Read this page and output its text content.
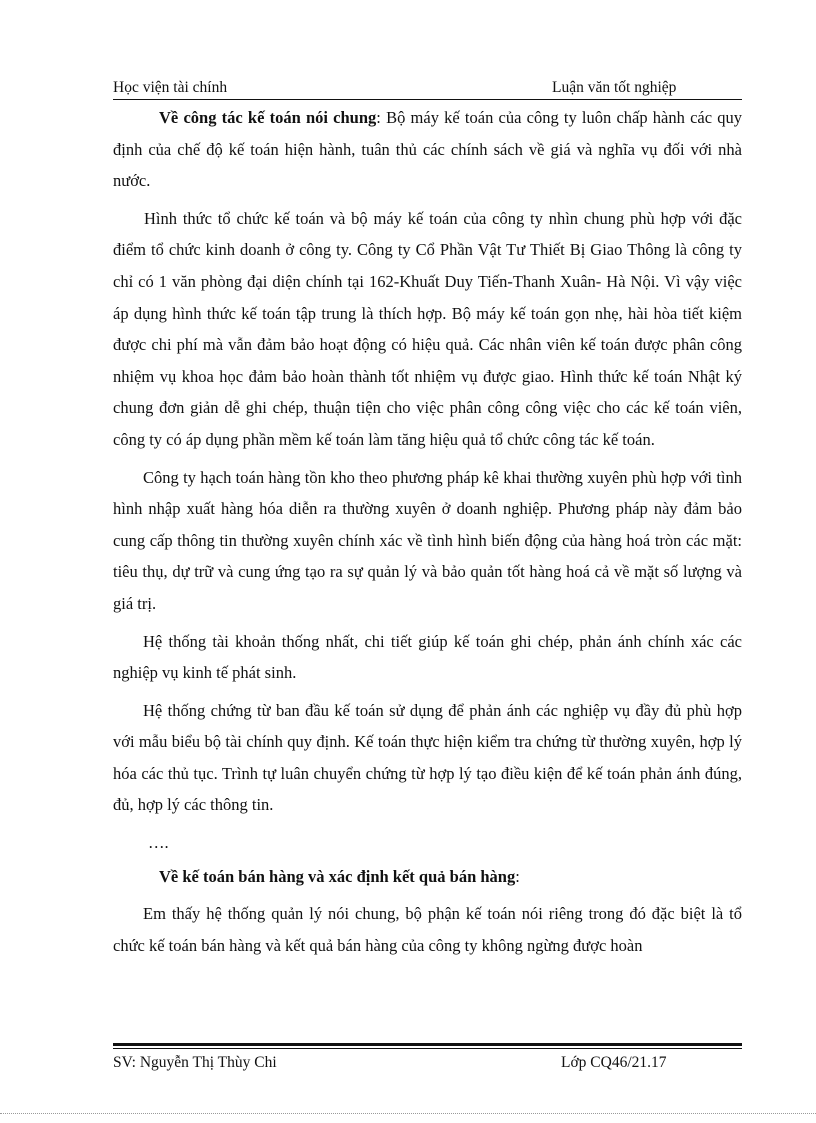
Học viện tài chính	Luận văn tốt nghiệp

Về công tác kế toán nói chung: Bộ máy kế toán của công ty luôn chấp hành các quy định của chế độ kế toán hiện hành, tuân thủ các chính sách về giá và nghĩa vụ đối với nhà nước.

Hình thức tổ chức kế toán và bộ máy kế toán của công ty nhìn chung phù hợp với đặc điểm tổ chức kinh doanh ở công ty. Công ty Cổ Phần Vật Tư Thiết Bị Giao Thông là công ty chỉ có 1 văn phòng đại diện chính tại 162-Khuất Duy Tiến-Thanh Xuân- Hà Nội. Vì vậy việc áp dụng hình thức kế toán tập trung là thích hợp. Bộ máy kế toán gọn nhẹ, hài hòa tiết kiệm được chi phí mà vẫn đảm bảo hoạt động có hiệu quả. Các nhân viên kế toán được phân công nhiệm vụ khoa học đảm bảo hoàn thành tốt nhiệm vụ được giao. Hình thức kế toán Nhật ký chung đơn giản dễ ghi chép, thuận tiện cho việc phân công công việc cho các kế toán viên, công ty có áp dụng phần mềm kế toán làm tăng hiệu quả tổ chức công tác kế toán.

Công ty hạch toán hàng tồn kho theo phương pháp kê khai thường xuyên phù hợp với tình hình nhập xuất hàng hóa diễn ra thường xuyên ở doanh nghiệp. Phương pháp này đảm bảo cung cấp thông tin thường xuyên chính xác về tình hình biến động của hàng hoá tròn các mặt: tiêu thụ, dự trữ và cung ứng tạo ra sự quản lý và bảo quản tốt hàng hoá cả về mặt số lượng và giá trị.

Hệ thống tài khoản thống nhất, chi tiết giúp kế toán ghi chép, phản ánh chính xác các nghiệp vụ kinh tế phát sinh.

Hệ thống chứng từ ban đầu kế toán sử dụng để phản ánh các nghiệp vụ đầy đủ phù hợp với mẫu biểu bộ tài chính quy định. Kế toán thực hiện kiểm tra chứng từ thường xuyên, hợp lý hóa các thủ tục. Trình tự luân chuyển chứng từ hợp lý tạo điều kiện để kế toán phản ánh đúng, đủ, hợp lý các thông tin.

….

Về kế toán bán hàng và xác định kết quả bán hàng:

Em thấy hệ thống quản lý nói chung, bộ phận kế toán nói riêng trong đó đặc biệt là tổ chức kế toán bán hàng và kết quả bán hàng của công ty không ngừng được hoàn

SV: Nguyễn Thị Thùy Chi	Lớp CQ46/21.17
